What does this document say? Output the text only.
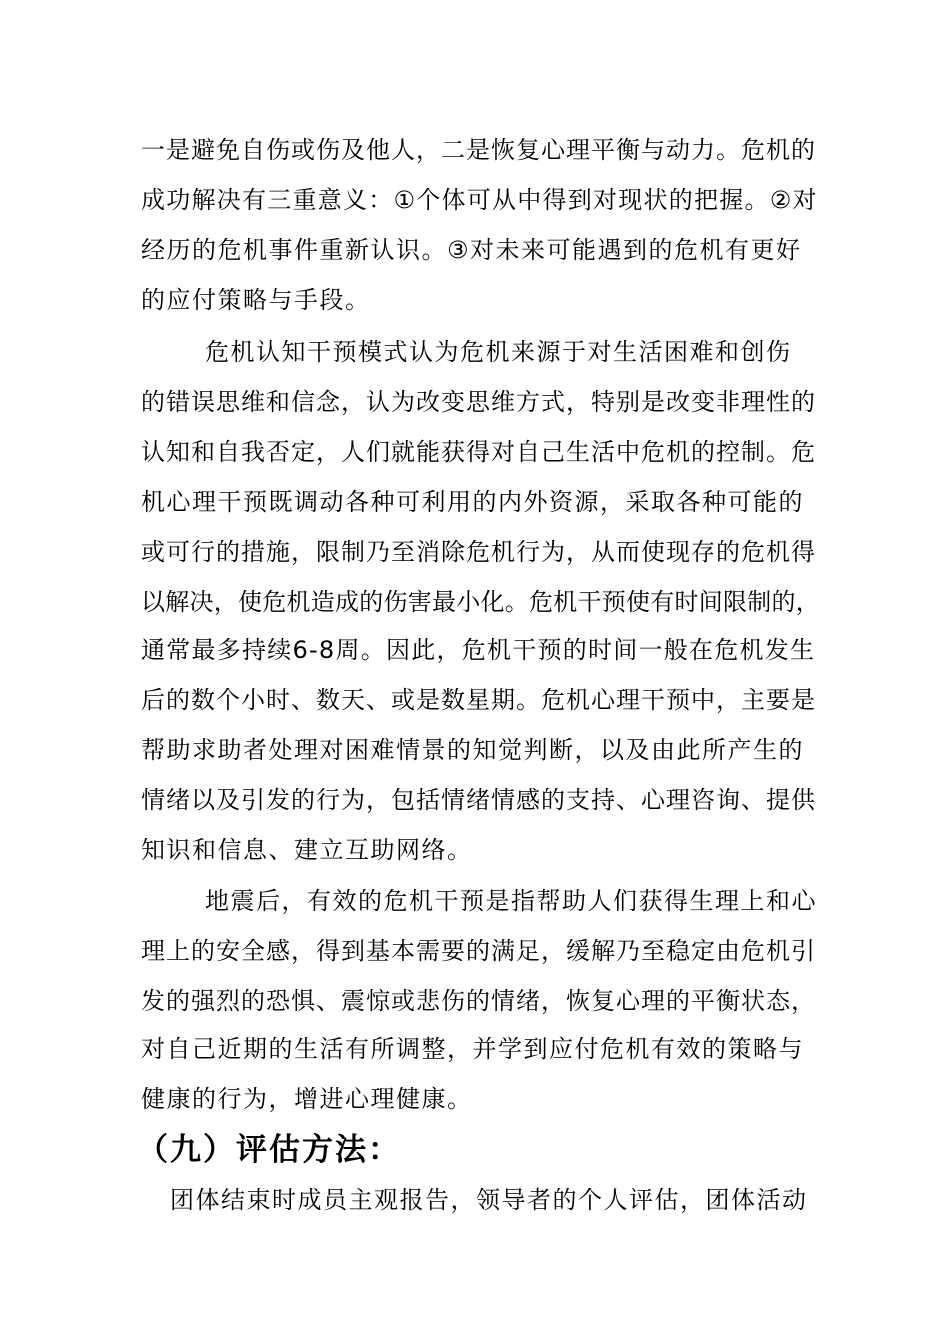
一是避免自伤或伤及他人，二是恢复心理平衡与动力。危机的
成功解决有三重意义：①个体可从中得到对现状的把握。②对
经历的危机事件重新认识。③对未来可能遇到的危机有更好
的应付策略与手段。
危机认知干预模式认为危机来源于对生活困难和创伤
的错误思维和信念，认为改变思维方式，特别是改变非理性的
认知和自我否定，人们就能获得对自己生活中危机的控制。危
机心理干预既调动各种可利用的内外资源，采取各种可能的
或可行的措施，限制乃至消除危机行为，从而使现存的危机得
以解决，使危机造成的伤害最小化。危机干预使有时间限制的，
通常最多持续6-8周。因此，危机干预的时间一般在危机发生
后的数个小时、数天、或是数星期。危机心理干预中，主要是
帮助求助者处理对困难情景的知觉判断，以及由此所产生的
情绪以及引发的行为，包括情绪情感的支持、心理咨询、提供
知识和信息、建立互助网络。
地震后，有效的危机干预是指帮助人们获得生理上和心
理上的安全感，得到基本需要的满足，缓解乃至稳定由危机引
发的强烈的恐惧、震惊或悲伤的情绪，恢复心理的平衡状态，
对自己近期的生活有所调整，并学到应付危机有效的策略与
健康的行为，增进心理健康。
（九）评估方法：
团体结束时成员主观报告，领导者的个人评估，团体活动
